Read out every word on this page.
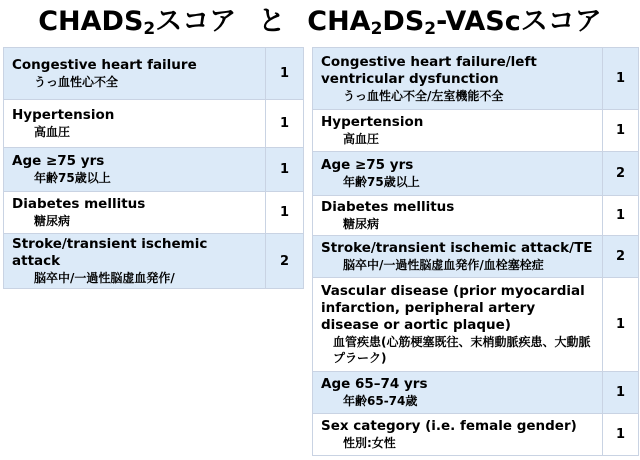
$CHADS_2$スコア と $CHA_2DS_2$-VAScスコア
Congestive heart failure
うっ血性心不全	1

Hypertension
高血圧	1

Age ≥75 yrs
年齢75歳以上	1

Diabetes mellitus
糖尿病	1

Stroke/transient ischemic attack
脳卒中/一過性脳虚血発作/	2
Congestive heart failure/left ventricular dysfunction
うっ血性心不全/左室機能不全	1

Hypertension
高血圧	1

Age ≥75 yrs
年齢75歳以上	2

Diabetes mellitus
糖尿病	1

Stroke/transient ischemic attack/TE
脳卒中/一過性脳虚血発作/血栓塞栓症	2

Vascular disease (prior myocardial infarction, peripheral artery disease or aortic plaque)
血管疾患(心筋梗塞既往、末梢動脈疾患、大動脈プラーク)	1

Age 65–74 yrs
年齢65-74歳	1

Sex category (i.e. female gender)
性別:女性	1
